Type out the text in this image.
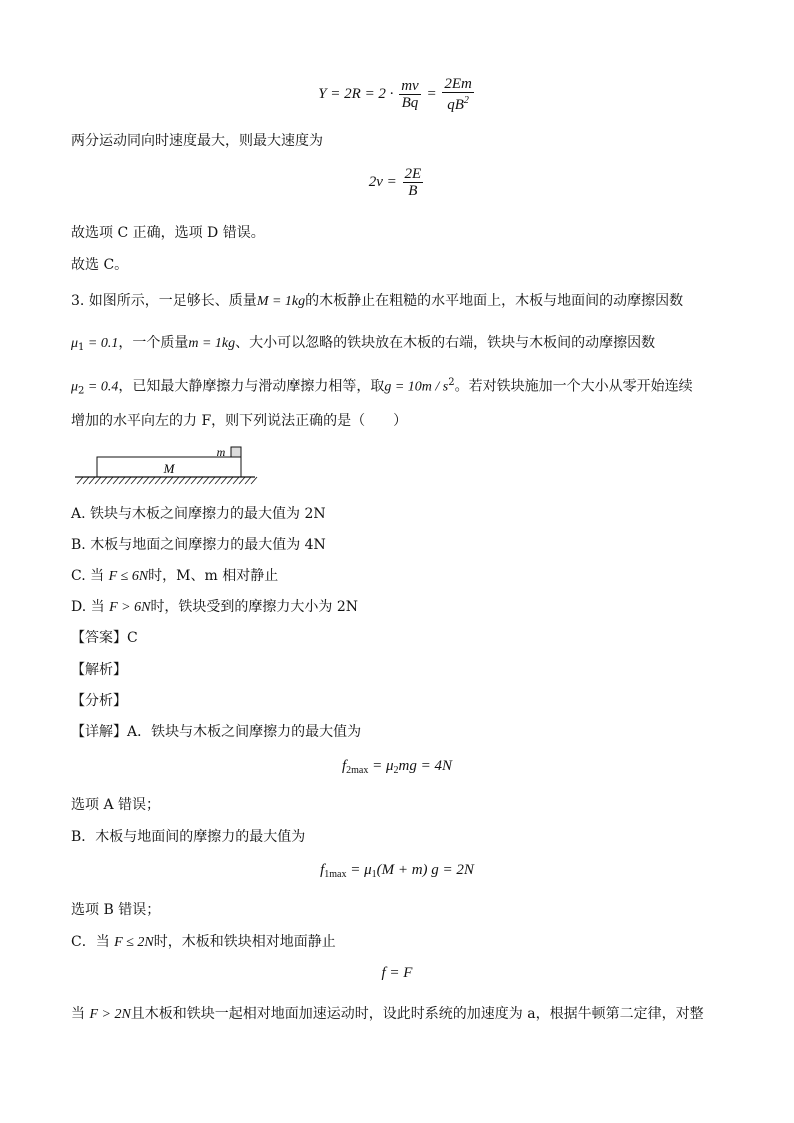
$Y = 2R = 2 \cdot \frac{mv}{Bq} = \frac{2Em}{qB^2}$
两分运动同向时速度最大，则最大速度为
$2v = \frac{2E}{B}$
故选项 C 正确，选项 D 错误。
故选 C。
3. 如图所示，一足够长、质量M = 1kg的木板静止在粗糙的水平地面上，木板与地面间的动摩擦因数
$\mu_1 = 0.1$，一个质量m = 1kg、大小可以忽略的铁块放在木板的右端，铁块与木板间的动摩擦因数
$\mu_2 = 0.4$，已知最大静摩擦力与滑动摩擦力相等，取$g = 10m / s^2$。若对铁块施加一个大小从零开始连续
增加的水平向左的力 F，则下列说法正确的是（　　）
M
m
A. 铁块与木板之间摩擦力的最大值为 2N
B. 木板与地面之间摩擦力的最大值为 4N
C. 当 F ≤ 6N时，M、m 相对静止
D. 当 F > 6N时，铁块受到的摩擦力大小为 2N
【答案】C
【解析】
【分析】
【详解】A．铁块与木板之间摩擦力的最大值为
$f_{2max} = \mu_2mg = 4N$
选项 A 错误；
B．木板与地面间的摩擦力的最大值为
$f_{1max} = \mu_1(M + m) g = 2N$
选项 B 错误；
C．当 F ≤ 2N时，木板和铁块相对地面静止
f = F
当 F > 2N且木板和铁块一起相对地面加速运动时，设此时系统的加速度为 a，根据牛顿第二定律，对整
